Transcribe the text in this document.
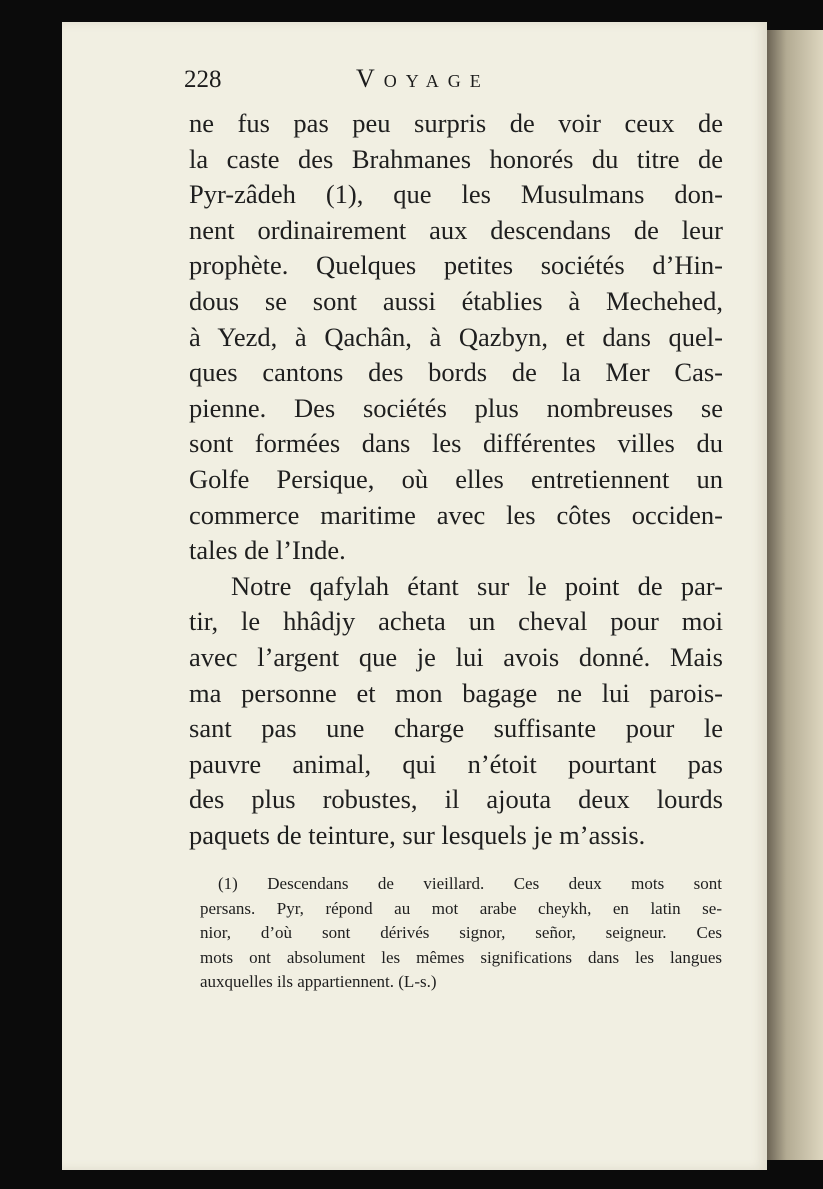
228	Voyage
ne fus pas peu surpris de voir ceux de
la caste des Brahmanes honorés du titre de
Pyr-zâdeh (1), que les Musulmans don-
nent ordinairement aux descendans de leur
prophète. Quelques petites sociétés d’Hin-
dous se sont aussi établies à Mechehed,
à Yezd, à Qachân, à Qazbyn, et dans quel-
ques cantons des bords de la Mer Cas-
pienne. Des sociétés plus nombreuses se
sont formées dans les différentes villes du
Golfe Persique, où elles entretiennent un
commerce maritime avec les côtes occiden-
tales de l’Inde.
Notre qafylah étant sur le point de par-
tir, le hhâdjy acheta un cheval pour moi
avec l’argent que je lui avois donné. Mais
ma personne et mon bagage ne lui parois-
sant pas une charge suffisante pour le
pauvre animal, qui n’étoit pourtant pas
des plus robustes, il ajouta deux lourds
paquets de teinture, sur lesquels je m’assis.
(1) Descendans de vieillard. Ces deux mots sont
persans. Pyr, répond au mot arabe cheykh, en latin se-
nior, d’où sont dérivés signor, señor, seigneur. Ces
mots ont absolument les mêmes significations dans les langues
auxquelles ils appartiennent. (L-s.)
